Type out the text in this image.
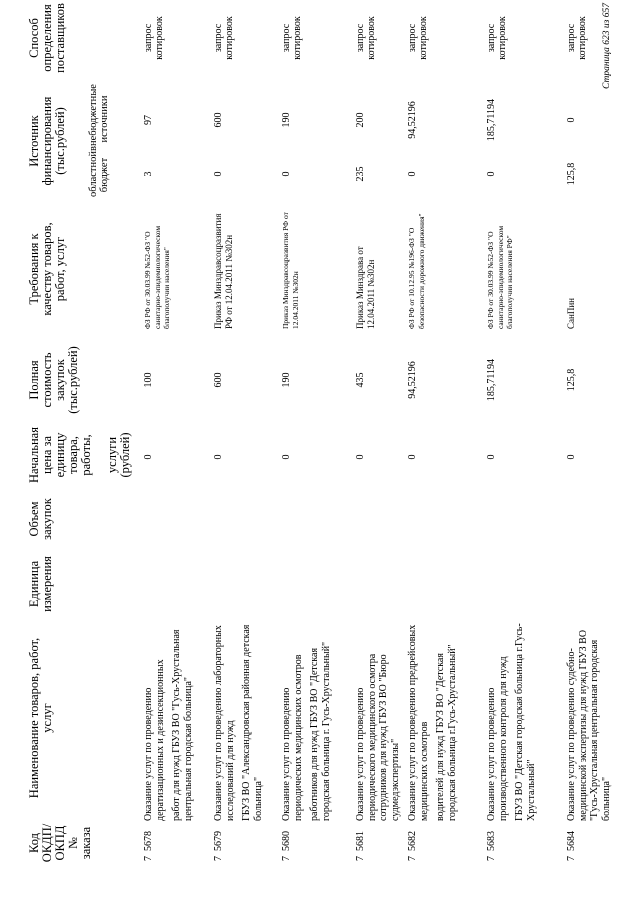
Код ОКДП/ ОКПД № заказа
Наименование товаров, работ, услуг
Единица измерения
Объем закупок
Начальная цена за единицу товара, работы, услуги (рублей)
Полная стоимость закупок (тыс.рублей)
Требования к качеству товаров, работ, услуг
Источник финансирования (тыс.рублей) областной бюджет
внебюджетные источники
Способ определения поставщиков
7  5678
Оказание услуг по проведению дератизационных и дезинсекционных работ для нужд ГБУЗ ВО "Гусь-Хрустальная центральная городская больница"
0
100
ФЗ РФ от 30.03.99 №52-ФЗ "О санитарно-эпидемиологическом благополучии населения"
3
97
запрос котировок
7  5679
Оказание услуг по проведению лабораторных исследований для нужд ГБУЗ ВО "Александровская районная детская больница"
0
600
Приказ Минздравсоцразвития РФ от 12.04.2011 №302н
0
600
запрос котировок
7  5680
Оказание услуг по проведению периодических медицинских осмотров работников для нужд ГБУЗ ВО "Детская городская больница г. Гусь-Хрустальный"
0
190
Приказ Минздравсоцразвития РФ от 12.04.2011 №302н
0
190
запрос котировок
7  5681
Оказание услуг по проведению периодического медицинского осмотра сотрудников для нужд ГБУЗ ВО "Бюро судмедэкспертизы"
0
435
Приказ Минздрава от 12.04.2011 №302н
235
200
запрос котировок
7  5682
Оказание услуг по проведению предрейсовых медицинских осмотров водителей для нужд ГБУЗ ВО "Детская городская больница г.Гусь-Хрустальный"
0
94,52196
ФЗ РФ от 10.12.95 №196-ФЗ "О безопасности дорожного движения"
0
94,52196
запрос котировок
7  5683
Оказание услуг по проведению производственного контроля для нужд ГБУЗ ВО "Детская городская больница г.Гусь-Хрустальный"
0
185,71194
ФЗ РФ от 30.03.99 №52-ФЗ "О санитарно-эпидемиологическом благополучии населения РФ"
0
185,71194
запрос котировок
7  5684
Оказание услуг по проведению судебно-медицинской экспертизы для нужд ГБУЗ ВО "Гусь-Хрустальная центральная городская больница"
0
125,8
СанПин
125,8
0
запрос котировок Страница 623 из 657
